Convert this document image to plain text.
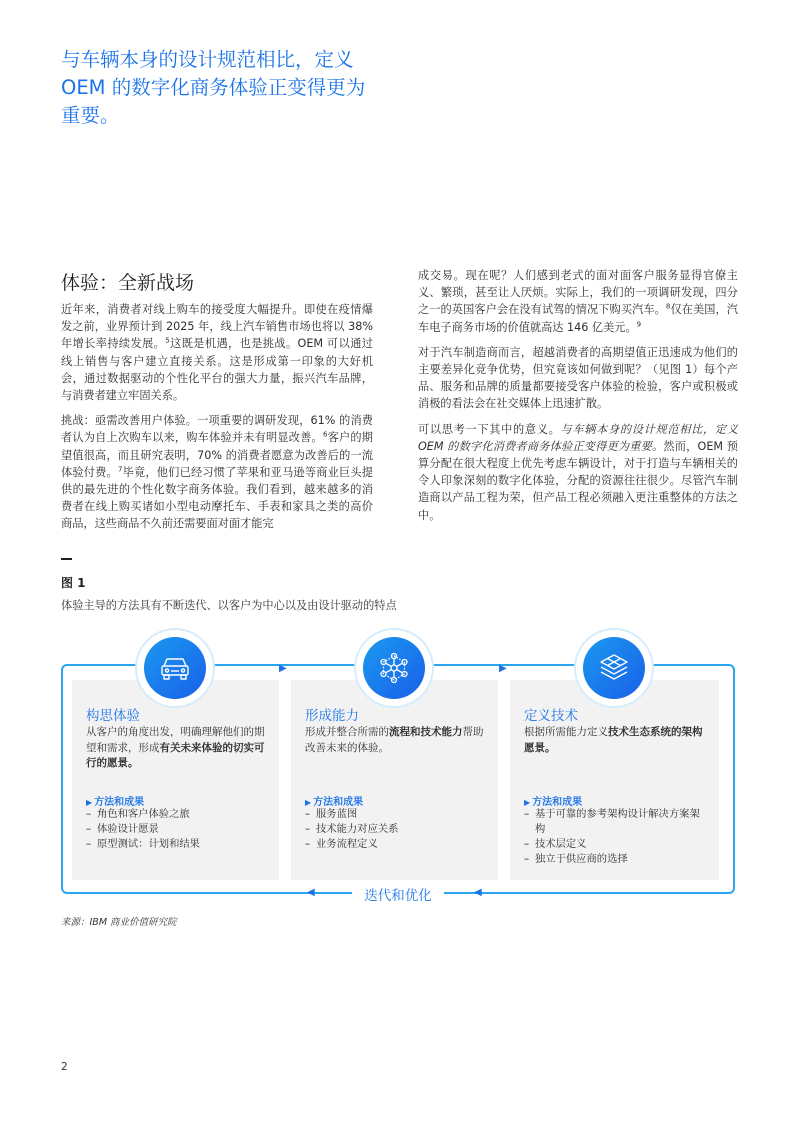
与车辆本身的设计规范相比，定义 OEM 的数字化商务体验正变得更为重要。
体验：全新战场

近年来，消费者对线上购车的接受度大幅提升。即使在疫情爆发之前，业界预计到 2025 年，线上汽车销售市场也将以 38% 年增长率持续发展。$^5$这既是机遇，也是挑战。OEM 可以通过线上销售与客户建立直接关系。这是形成第一印象的大好机会，通过数据驱动的个性化平台的强大力量，振兴汽车品牌，与消费者建立牢固关系。

挑战：亟需改善用户体验。一项重要的调研发现，61% 的消费者认为自上次购车以来，购车体验并未有明显改善。$^6$客户的期望值很高，而且研究表明，70% 的消费者愿意为改善后的一流体验付费。$^7$毕竟，他们已经习惯了苹果和亚马逊等商业巨头提供的最先进的个性化数字商务体验。我们看到，越来越多的消费者在线上购买诸如小型电动摩托车、手表和家具之类的高价商品，这些商品不久前还需要面对面才能完

成交易。现在呢？人们感到老式的面对面客户服务显得官僚主义、繁琐，甚至让人厌烦。实际上，我们的一项调研发现，四分之一的英国客户会在没有试驾的情况下购买汽车。$^8$仅在美国，汽车电子商务市场的价值就高达 146 亿美元。$^9$

对于汽车制造商而言，超越消费者的高期望值正迅速成为他们的主要差异化竞争优势，但究竟该如何做到呢？（见图 1）每个产品、服务和品牌的质量都要接受客户体验的检验，客户或积极或消极的看法会在社交媒体上迅速扩散。

可以思考一下其中的意义。与车辆本身的设计规范相比，定义 OEM 的数字化消费者商务体验正变得更为重要。然而，OEM 预算分配在很大程度上优先考虑车辆设计，对于打造与车辆相关的令人印象深刻的数字化体验，分配的资源往往很少。尽管汽车制造商以产品工程为荣，但产品工程必须融入更注重整体的方法之中。

图 1
体验主导的方法具有不断迭代、以客户为中心以及由设计驱动的特点
构思体验
从客户的角度出发，明确理解他们的期望和需求，形成有关未来体验的切实可行的愿景。
▶ 方法和成果
– 角色和客户体验之旅
– 体验设计愿景
– 原型测试：计划和结果
形成能力
形成并整合所需的流程和技术能力帮助改善未来的体验。
▶ 方法和成果
– 服务蓝图
– 技术能力对应关系
– 业务流程定义
定义技术
根据所需能力定义技术生态系统的架构愿景。
▶ 方法和成果
– 基于可靠的参考架构设计解决方案架构
– 技术层定义
– 独立于供应商的选择
▶	▶
◀	◀
迭代和优化
来源：IBM 商业价值研究院
2
